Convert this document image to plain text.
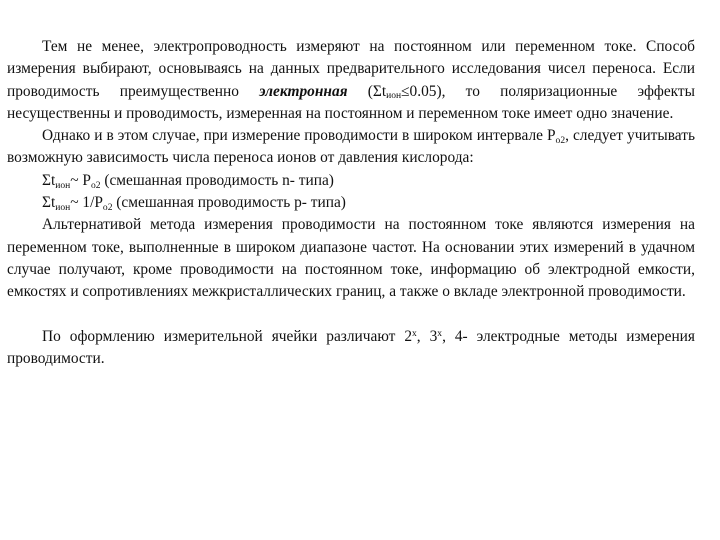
Тем не менее, электропроводность измеряют на постоянном или переменном токе. Способ измерения выбирают, основываясь на данных предварительного исследования чисел переноса. Если проводимость преимущественно электронная $(\Sigma t_{ион}\le 0.05)$, то поляризационные эффекты несущественны и проводимость, измеренная на постоянном и переменном токе имеет одно значение.

Однако и в этом случае, при измерение проводимости в широком интервале $P_{o2}$, следует учитывать возможную зависимость числа переноса ионов от давления кислорода:

$\Sigma t_{ион}\sim$ $P_{o2}$ (смешанная проводимость n- типа)

$\Sigma t_{ион}\sim$ $1/P_{o2}$ (смешанная проводимость p- типа)

Альтернативой метода измерения проводимости на постоянном токе являются измерения на переменном токе, выполненные в широком диапазоне частот. На основании этих измерений в удачном случае получают, кроме проводимости на постоянном токе, информацию об электродной емкости, емкостях и сопротивлениях межкристаллических границ, а также о вкладе электронной проводимости.

По оформлению измерительной ячейки различают $2^х$, $3^х$, 4- электродные методы измерения проводимости.
